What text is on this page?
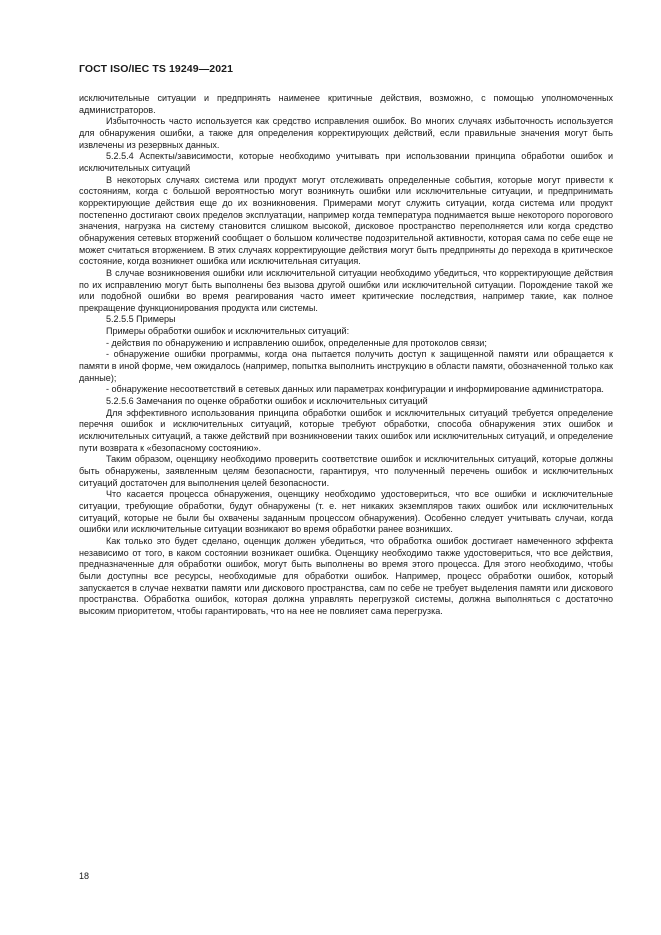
ГОСТ ISO/IEC TS 19249—2021

исключительные ситуации и предпринять наименее критичные действия, возможно, с помощью уполномоченных администраторов.

Избыточность часто используется как средство исправления ошибок. Во многих случаях избыточность используется для обнаружения ошибки, а также для определения корректирующих действий, если правильные значения могут быть извлечены из резервных данных.

5.2.5.4 Аспекты/зависимости, которые необходимо учитывать при использовании принципа обработки ошибок и исключительных ситуаций

В некоторых случаях система или продукт могут отслеживать определенные события, которые могут привести к состояниям, когда с большой вероятностью могут возникнуть ошибки или исключительные ситуации, и предпринимать корректирующие действия еще до их возникновения. Примерами могут служить ситуации, когда система или продукт постепенно достигают своих пределов эксплуатации, например когда температура поднимается выше некоторого порогового значения, нагрузка на систему становится слишком высокой, дисковое пространство переполняется или когда средство обнаружения сетевых вторжений сообщает о большом количестве подозрительной активности, которая сама по себе еще не может считаться вторжением. В этих случаях корректирующие действия могут быть предприняты до перехода в критическое состояние, когда возникнет ошибка или исключительная ситуация.

В случае возникновения ошибки или исключительной ситуации необходимо убедиться, что корректирующие действия по их исправлению могут быть выполнены без вызова другой ошибки или исключительной ситуации. Порождение такой же или подобной ошибки во время реагирования часто имеет критические последствия, например такие, как полное прекращение функционирования продукта или системы.

5.2.5.5 Примеры

Примеры обработки ошибок и исключительных ситуаций:

- действия по обнаружению и исправлению ошибок, определенные для протоколов связи;

- обнаружение ошибки программы, когда она пытается получить доступ к защищенной памяти или обращается к памяти в иной форме, чем ожидалось (например, попытка выполнить инструкцию в области памяти, обозначенной только как данные);

- обнаружение несоответствий в сетевых данных или параметрах конфигурации и информирование администратора.

5.2.5.6 Замечания по оценке обработки ошибок и исключительных ситуаций

Для эффективного использования принципа обработки ошибок и исключительных ситуаций требуется определение перечня ошибок и исключительных ситуаций, которые требуют обработки, способа обнаружения этих ошибок и исключительных ситуаций, а также действий при возникновении таких ошибок или исключительных ситуаций, и определение пути возврата к «безопасному состоянию».

Таким образом, оценщику необходимо проверить соответствие ошибок и исключительных ситуаций, которые должны быть обнаружены, заявленным целям безопасности, гарантируя, что полученный перечень ошибок и исключительных ситуаций достаточен для выполнения целей безопасности.

Что касается процесса обнаружения, оценщику необходимо удостовериться, что все ошибки и исключительные ситуации, требующие обработки, будут обнаружены (т. е. нет никаких экземпляров таких ошибок или исключительных ситуаций, которые не были бы охвачены заданным процессом обнаружения). Особенно следует учитывать случаи, когда ошибки или исключительные ситуации возникают во время обработки ранее возникших.

Как только это будет сделано, оценщик должен убедиться, что обработка ошибок достигает намеченного эффекта независимо от того, в каком состоянии возникает ошибка. Оценщику необходимо также удостовериться, что все действия, предназначенные для обработки ошибок, могут быть выполнены во время этого процесса. Для этого необходимо, чтобы были доступны все ресурсы, необходимые для обработки ошибок. Например, процесс обработки ошибок, который запускается в случае нехватки памяти или дискового пространства, сам по себе не требует выделения памяти или дискового пространства. Обработка ошибок, которая должна управлять перегрузкой системы, должна выполняться с достаточно высоким приоритетом, чтобы гарантировать, что на нее не повлияет сама перегрузка.

18
